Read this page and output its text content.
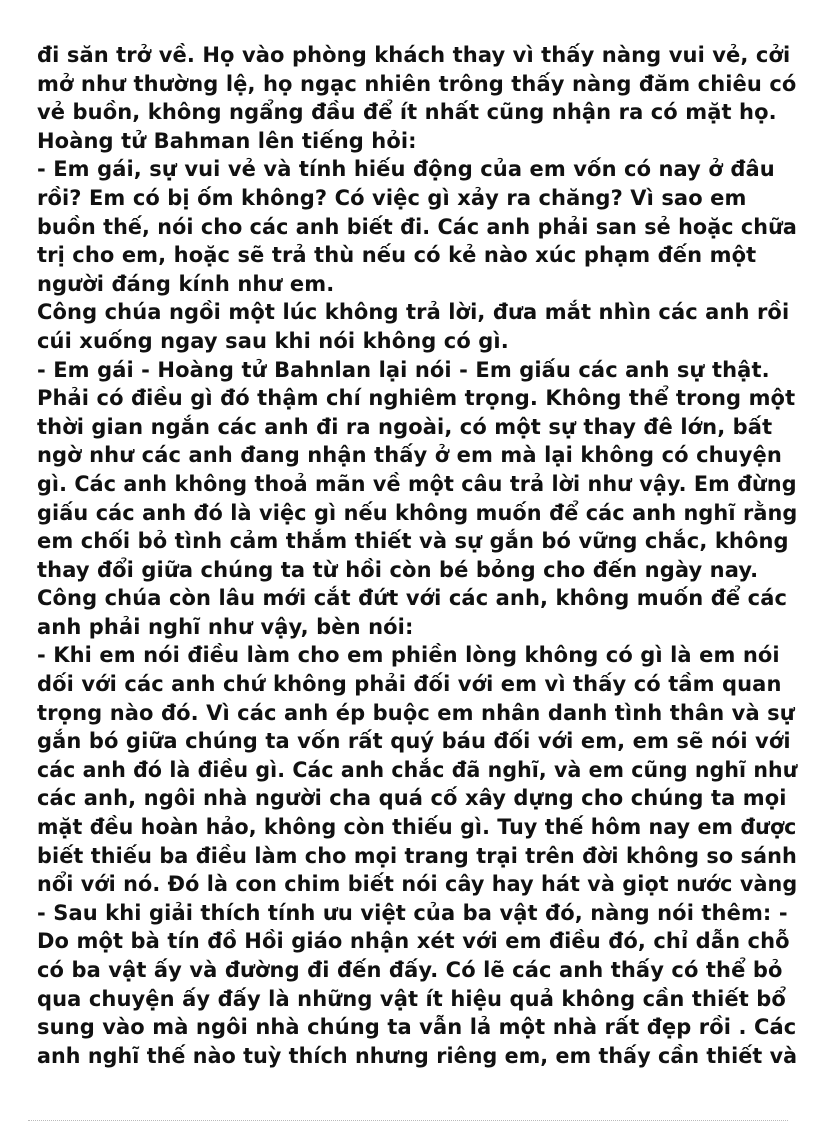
đi săn trở về. Họ vào phòng khách thay vì thấy nàng vui vẻ, cởi
mở như thường lệ, họ ngạc nhiên trông thấy nàng đăm chiêu có
vẻ buồn, không ngẩng đầu để ít nhất cũng nhận ra có mặt họ.
Hoàng tử Bahman lên tiếng hỏi:
- Em gái, sự vui vẻ và tính hiếu động của em vốn có nay ở đâu
rồi? Em có bị ốm không? Có việc gì xảy ra chăng? Vì sao em
buồn thế, nói cho các anh biết đi. Các anh phải san sẻ hoặc chữa
trị cho em, hoặc sẽ trả thù nếu có kẻ nào xúc phạm đến một
người đáng kính như em.
Công chúa ngồi một lúc không trả lời, đưa mắt nhìn các anh rồi
cúi xuống ngay sau khi nói không có gì.
- Em gái - Hoàng tử Bahnlan lại nói - Em giấu các anh sự thật.
Phải có điều gì đó thậm chí nghiêm trọng. Không thể trong một
thời gian ngắn các anh đi ra ngoài, có một sự thay đê lớn, bất
ngờ như các anh đang nhận thấy ở em mà lại không có chuyện
gì. Các anh không thoả mãn về một câu trả lời như vậy. Em đừng
giấu các anh đó là việc gì nếu không muốn để các anh nghĩ rằng
em chối bỏ tình cảm thắm thiết và sự gắn bó vững chắc, không
thay đổi giữa chúng ta từ hồi còn bé bỏng cho đến ngày nay.
Công chúa còn lâu mới cắt đứt với các anh, không muốn để các
anh phải nghĩ như vậy, bèn nói:
- Khi em nói điều làm cho em phiền lòng không có gì là em nói
dối với các anh chứ không phải đối với em vì thấy có tầm quan
trọng nào đó. Vì các anh ép buộc em nhân danh tình thân và sự
gắn bó giữa chúng ta vốn rất quý báu đối với em, em sẽ nói với
các anh đó là điều gì. Các anh chắc đã nghĩ, và em cũng nghĩ như
các anh, ngôi nhà người cha quá cố xây dựng cho chúng ta mọi
mặt đều hoàn hảo, không còn thiếu gì. Tuy thế hôm nay em được
biết thiếu ba điều làm cho mọi trang trại trên đời không so sánh
nổi với nó. Đó là con chim biết nói cây hay hát và giọt nước vàng
- Sau khi giải thích tính ưu việt của ba vật đó, nàng nói thêm: -
Do một bà tín đồ Hồi giáo nhận xét với em điều đó, chỉ dẫn chỗ
có ba vật ấy và đường đi đến đấy. Có lẽ các anh thấy có thể bỏ
qua chuyện ấy đấy là những vật ít hiệu quả không cần thiết bổ
sung vào mà ngôi nhà chúng ta vẫn lả một nhà rất đẹp rồi . Các
anh nghĩ thế nào tuỳ thích nhưng riêng em, em thấy cần thiết và
